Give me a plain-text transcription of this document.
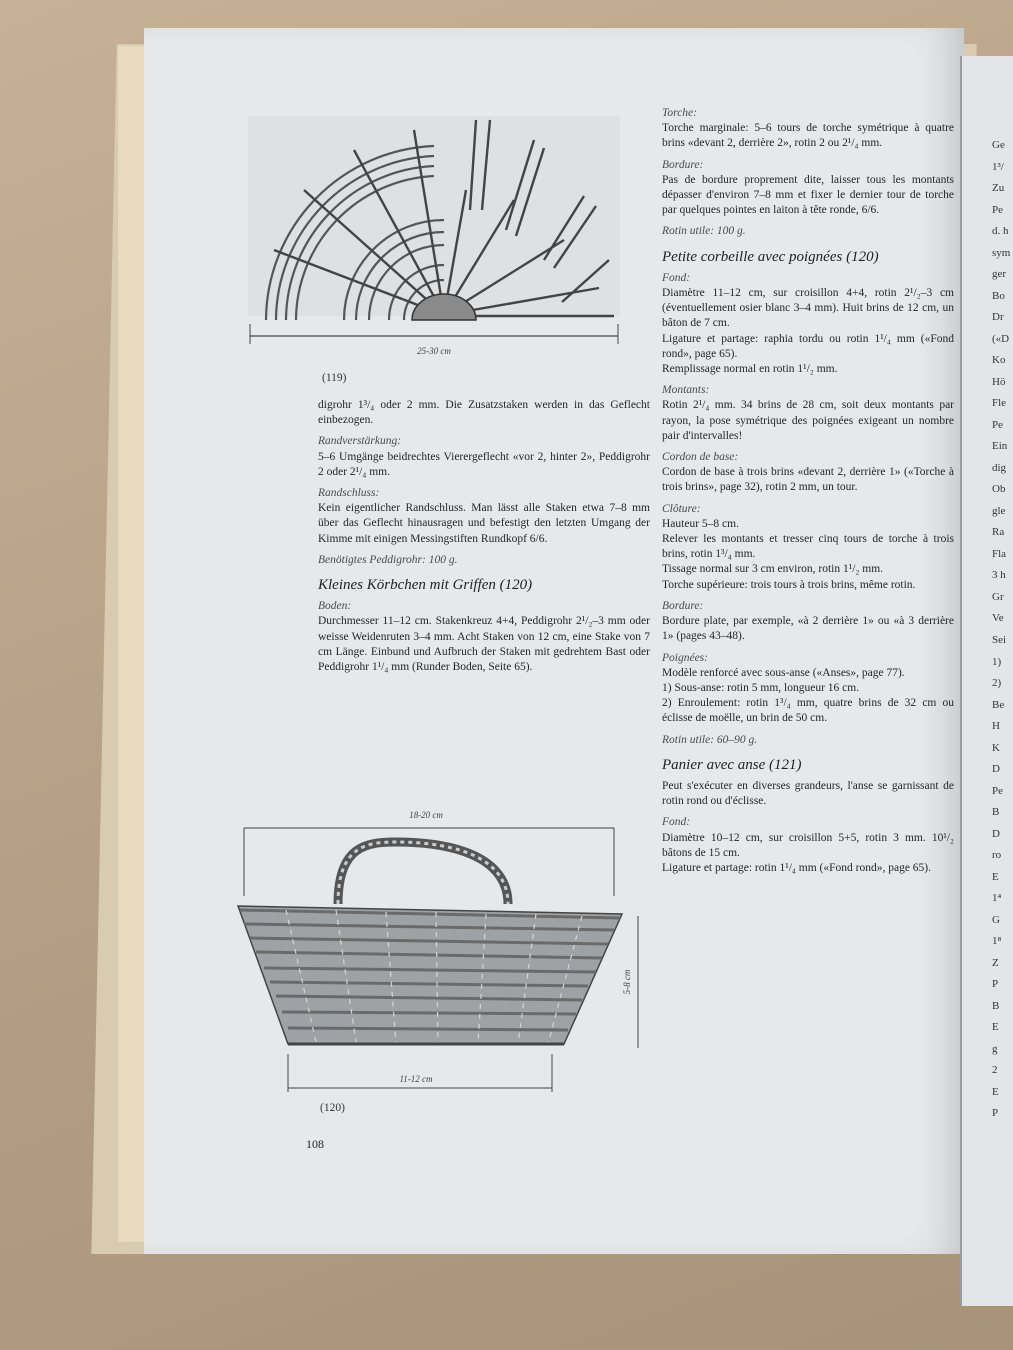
25-30 cm
(119)

digrohr 1³/₄ oder 2 mm. Die Zusatzstaken werden in das Geflecht einbezogen.

Randverstärkung:

5–6 Umgänge beidrechtes Vierergeflecht «vor 2, hinter 2», Peddigrohr 2 oder 2¹/₄ mm.

Randschluss:

Kein eigentlicher Randschluss. Man lässt alle Staken etwa 7–8 mm über das Geflecht hinausragen und befestigt den letzten Umgang der Kimme mit einigen Messingstiften Rundkopf 6/6.

Benötigtes Peddigrohr: 100 g.

Kleines Körbchen mit Griffen (120)

Boden:

Durchmesser 11–12 cm. Stakenkreuz 4+4, Peddigrohr 2¹/₂–3 mm oder weisse Weidenruten 3–4 mm. Acht Staken von 12 cm, eine Stake von 7 cm Länge. Einbund und Aufbruch der Staken mit gedrehtem Bast oder Peddigrohr 1¹/₄ mm (Runder Boden, Seite 65).

18-20 cm
5-8 cm
11-12 cm
(120)
108

Torche:

Torche marginale: 5–6 tours de torche symétrique à quatre brins «devant 2, derrière 2», rotin 2 ou 2¹/₄ mm.

Bordure:

Pas de bordure proprement dite, laisser tous les montants dépasser d'environ 7–8 mm et fixer le dernier tour de torche par quelques pointes en laiton à tête ronde, 6/6.

Rotin utile: 100 g.

Petite corbeille avec poignées (120)

Fond:

Diamètre 11–12 cm, sur croisillon 4+4, rotin 2¹/₂–3 cm (éventuellement osier blanc 3–4 mm). Huit brins de 12 cm, un bâton de 7 cm.

Ligature et partage: raphia tordu ou rotin 1¹/₄ mm («Fond rond», page 65).

Remplissage normal en rotin 1¹/₂ mm.

Montants:

Rotin 2¹/₄ mm. 34 brins de 28 cm, soit deux montants par rayon, la pose symétrique des poignées exigeant un nombre pair d'intervalles!

Cordon de base:

Cordon de base à trois brins «devant 2, derrière 1» («Torche à trois brins», page 32), rotin 2 mm, un tour.

Clôture:

Hauteur 5–8 cm.

Relever les montants et tresser cinq tours de torche à trois brins, rotin 1³/₄ mm.

Tissage normal sur 3 cm environ, rotin 1¹/₂ mm.

Torche supérieure: trois tours à trois brins, même rotin.

Bordure:

Bordure plate, par exemple, «à 2 derrière 1» ou «à 3 derrière 1» (pages 43–48).

Poignées:

Modèle renforcé avec sous-anse («Anses», page 77).

1) Sous-anse: rotin 5 mm, longueur 16 cm.

2) Enroulement: rotin 1³/₄ mm, quatre brins de 32 cm ou éclisse de moëlle, un brin de 50 cm.

Rotin utile: 60–90 g.

Panier avec anse (121)

Peut s'exécuter en diverses grandeurs, l'anse se garnissant de rotin rond ou d'éclisse.

Fond:

Diamètre 10–12 cm, sur croisillon 5+5, rotin 3 mm. 10¹/₂ bâtons de 15 cm.

Ligature et partage: rotin 1¹/₄ mm («Fond rond», page 65).

Ge
1³/
Zu
Pe
d. h
sym
ger
Bo
Dr
(«D
Ko
Hö
Fle
Pe
Ein
dig
Ob
gle
Ra
Fla
3 h
Gr
Ve
Sei
1)
2)
Be
H
K
D
Pe
B
D
ro
E
1⁴
G
1⁸
Z
P
B
E
g
2
E
P
